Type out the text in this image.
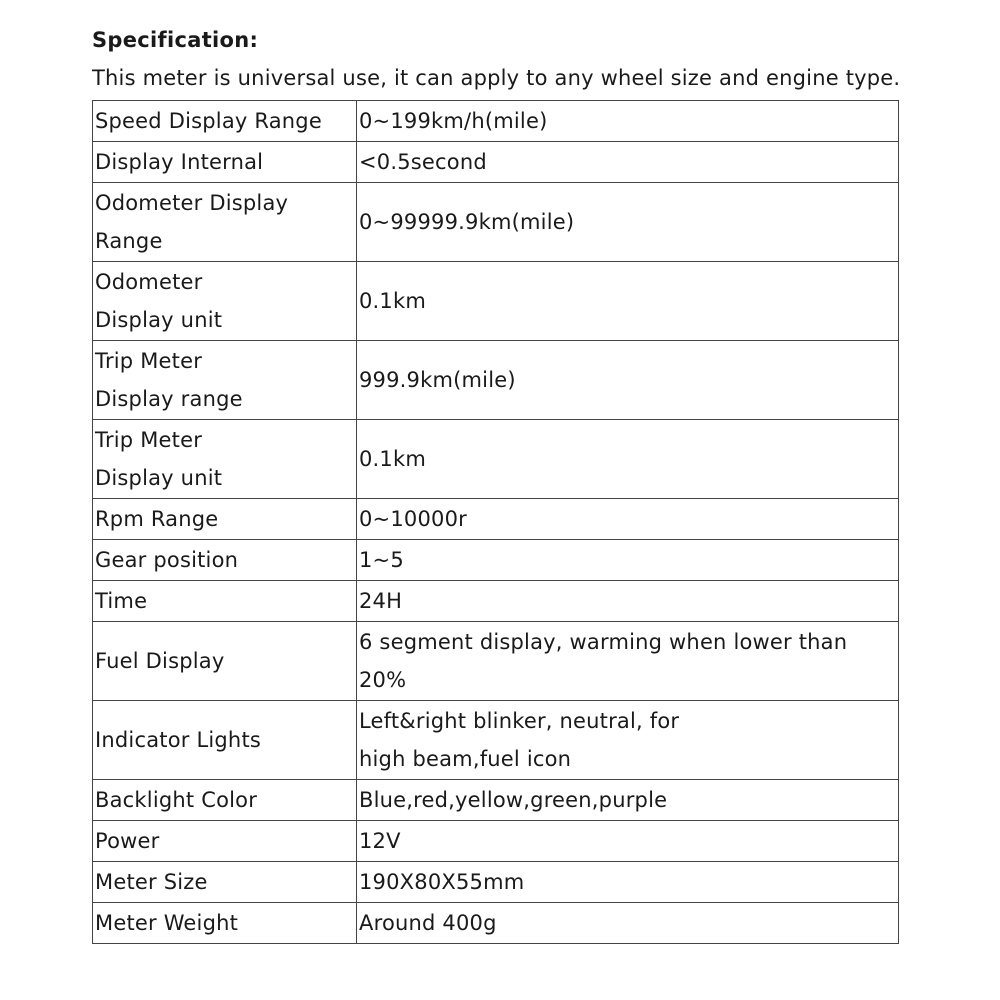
Specification:
This meter is universal use, it can apply to any wheel size and engine type.
Speed Display Range	0~199km/h(mile)
Display Internal	<0.5second
Odometer Display
Range	0~99999.9km(mile)
Odometer
Display unit	0.1km
Trip Meter
Display range	999.9km(mile)
Trip Meter
Display unit	0.1km
Rpm Range	0~10000r
Gear position	1~5
Time	24H
Fuel Display	6 segment display, warming when lower than
20%
Indicator Lights	Left&right blinker, neutral, for
high beam,fuel icon
Backlight Color	Blue,red,yellow,green,purple
Power	12V
Meter Size	190X80X55mm
Meter Weight	Around 400g
